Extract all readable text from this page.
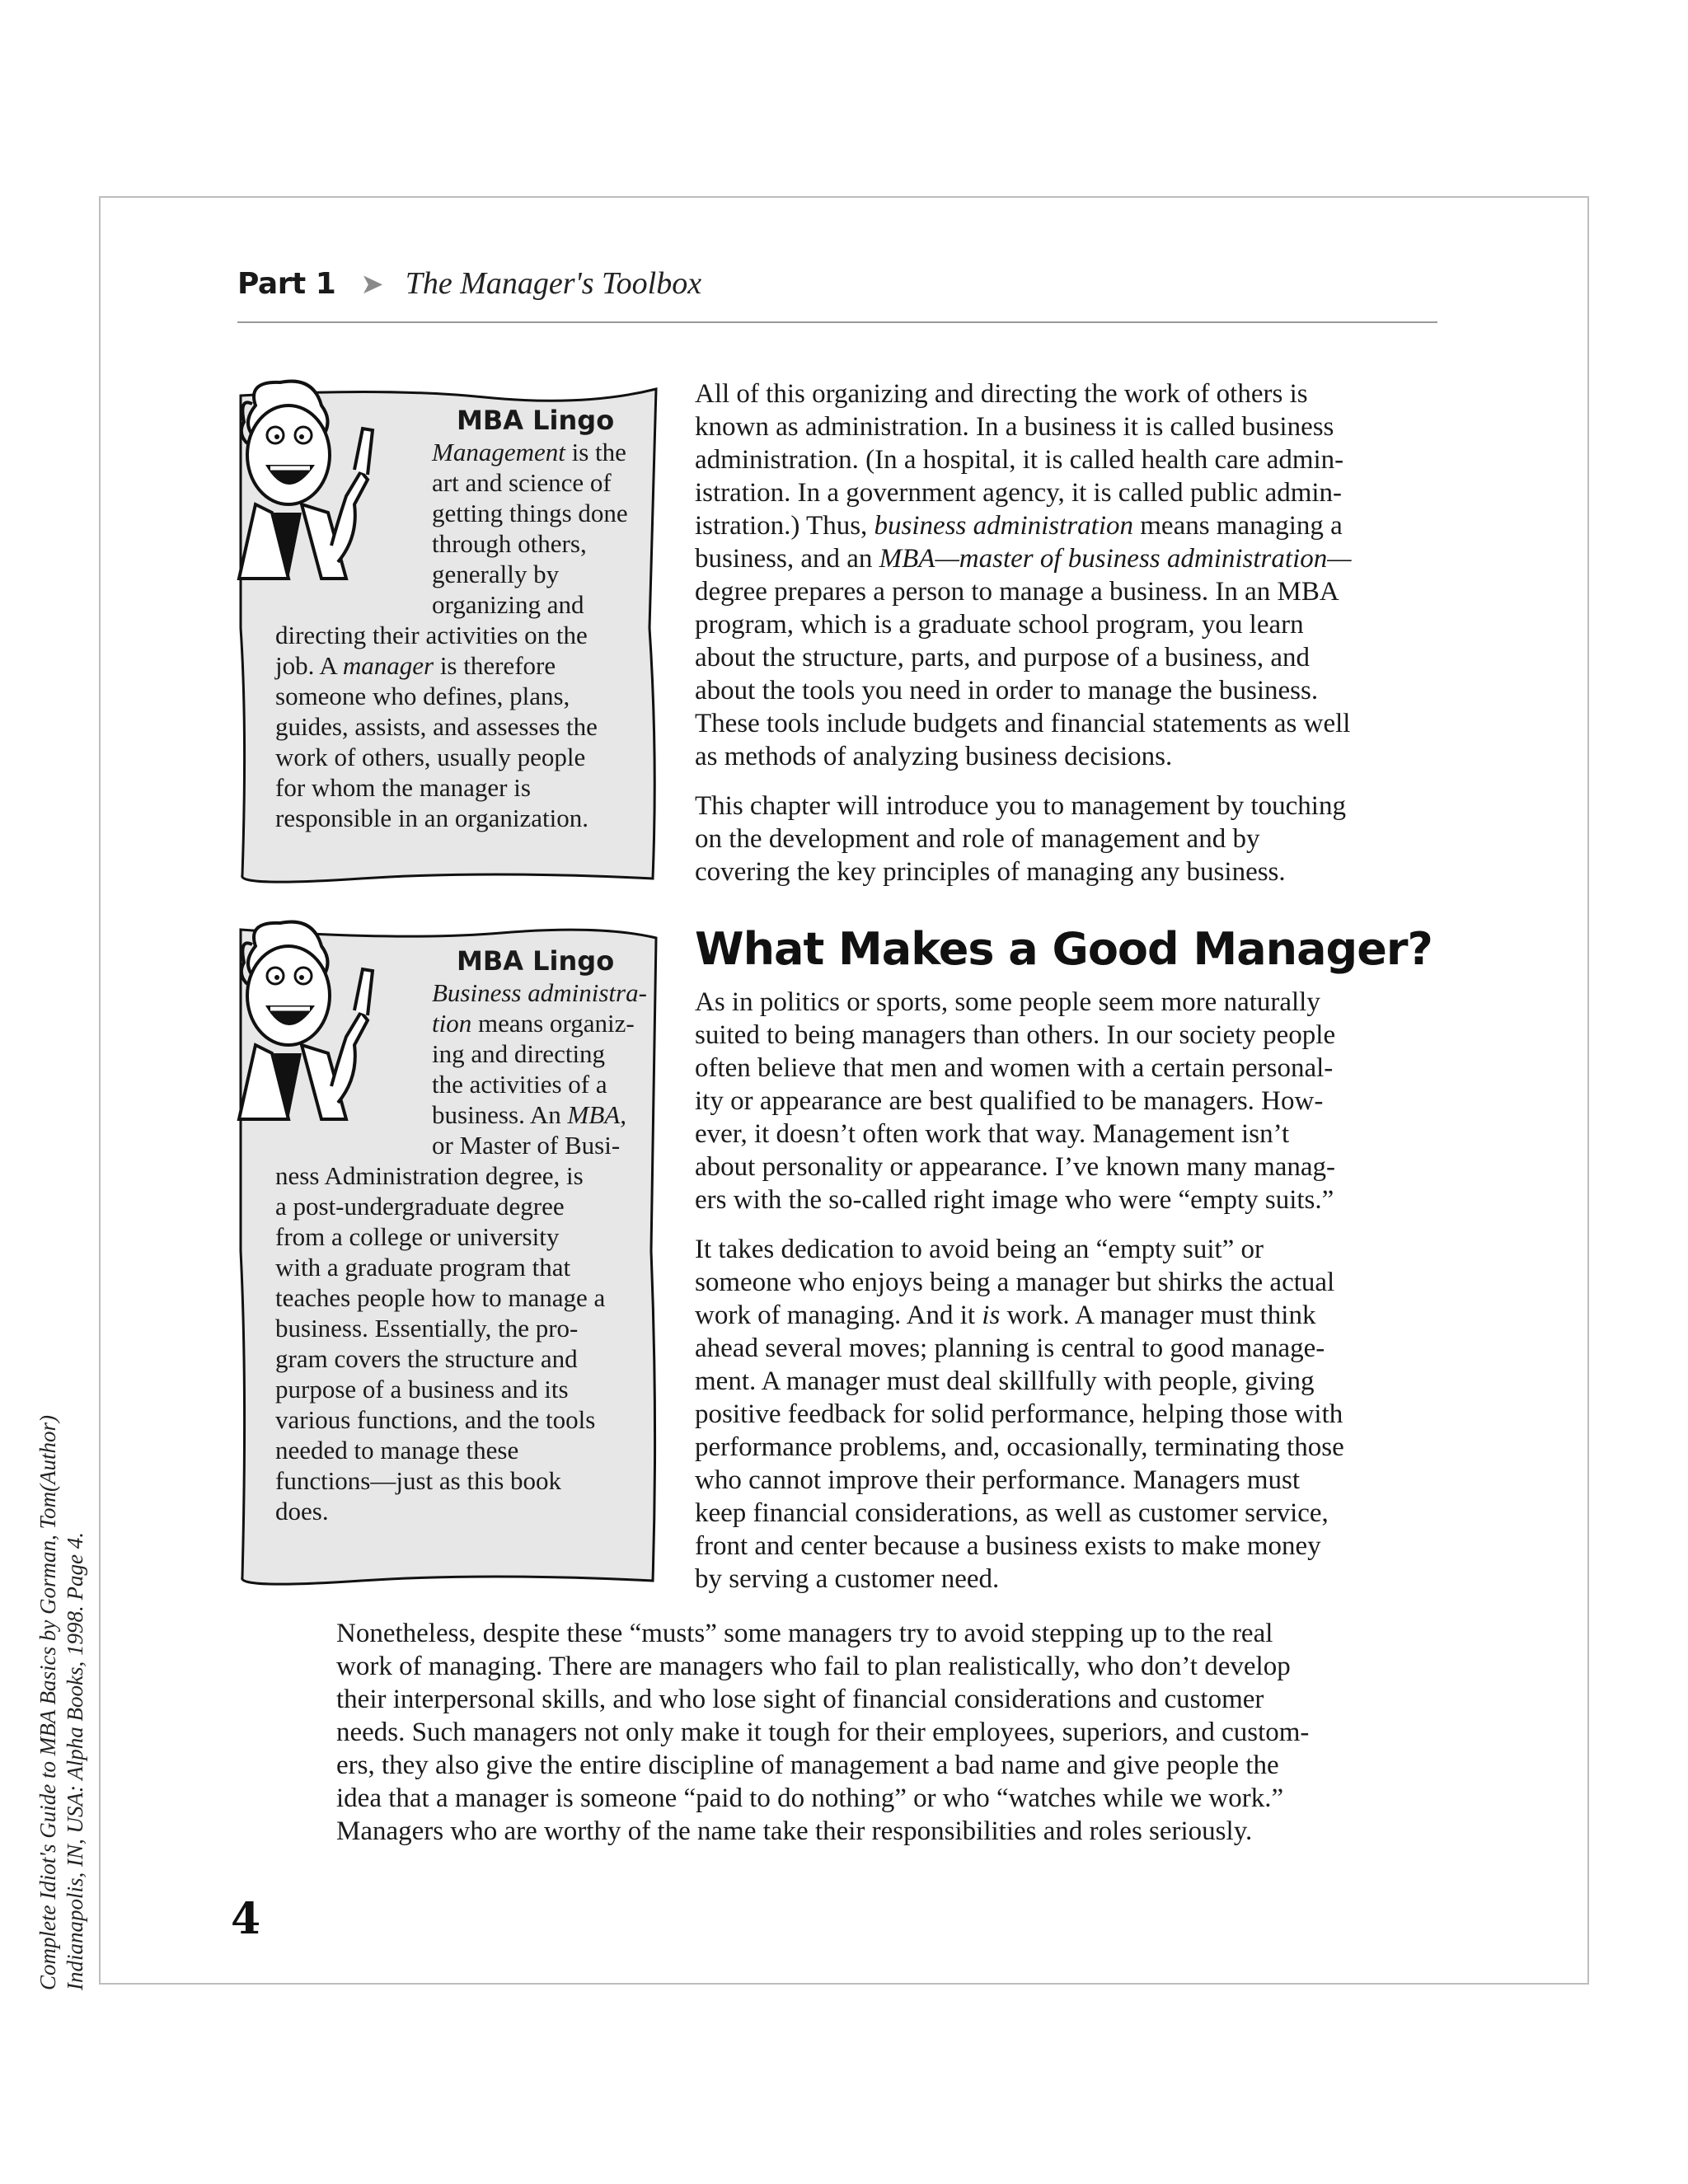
Complete Idiot's Guide to MBA Basics by Gorman, Tom(Author) Indianapolis, IN, USA: Alpha Books, 1998. Page 4.
Part 1 ➤ The Manager's Toolbox
MBA Lingo

Management is the
art and science of
getting things done
through others,
generally by
organizing and
directing their activities on the
job. A manager is therefore
someone who defines, plans,
guides, assists, and assesses the
work of others, usually people
for whom the manager is
responsible in an organization.

MBA Lingo

Business administra-
tion means organiz-
ing and directing
the activities of a
business. An MBA,
or Master of Busi-
ness Administration degree, is
a post-undergraduate degree
from a college or university
with a graduate program that
teaches people how to manage a
business. Essentially, the pro-
gram covers the structure and
purpose of a business and its
various functions, and the tools
needed to manage these
functions—just as this book
does.

All of this organizing and directing the work of others is
known as administration. In a business it is called business
administration. (In a hospital, it is called health care admin-
istration. In a government agency, it is called public admin-
istration.) Thus, business administration means managing a
business, and an MBA—master of business administration—
degree prepares a person to manage a business. In an MBA
program, which is a graduate school program, you learn
about the structure, parts, and purpose of a business, and
about the tools you need in order to manage the business.
These tools include budgets and financial statements as well
as methods of analyzing business decisions.

This chapter will introduce you to management by touching
on the development and role of management and by
covering the key principles of managing any business.

What Makes a Good Manager?

As in politics or sports, some people seem more naturally
suited to being managers than others. In our society people
often believe that men and women with a certain personal-
ity or appearance are best qualified to be managers. How-
ever, it doesn’t often work that way. Management isn’t
about personality or appearance. I’ve known many manag-
ers with the so-called right image who were “empty suits.”

It takes dedication to avoid being an “empty suit” or
someone who enjoys being a manager but shirks the actual
work of managing. And it is work. A manager must think
ahead several moves; planning is central to good manage-
ment. A manager must deal skillfully with people, giving
positive feedback for solid performance, helping those with
performance problems, and, occasionally, terminating those
who cannot improve their performance. Managers must
keep financial considerations, as well as customer service,
front and center because a business exists to make money
by serving a customer need.

Nonetheless, despite these “musts” some managers try to avoid stepping up to the real
work of managing. There are managers who fail to plan realistically, who don’t develop
their interpersonal skills, and who lose sight of financial considerations and customer
needs. Such managers not only make it tough for their employees, superiors, and custom-
ers, they also give the entire discipline of management a bad name and give people the
idea that a manager is someone “paid to do nothing” or who “watches while we work.”
Managers who are worthy of the name take their responsibilities and roles seriously.

4
